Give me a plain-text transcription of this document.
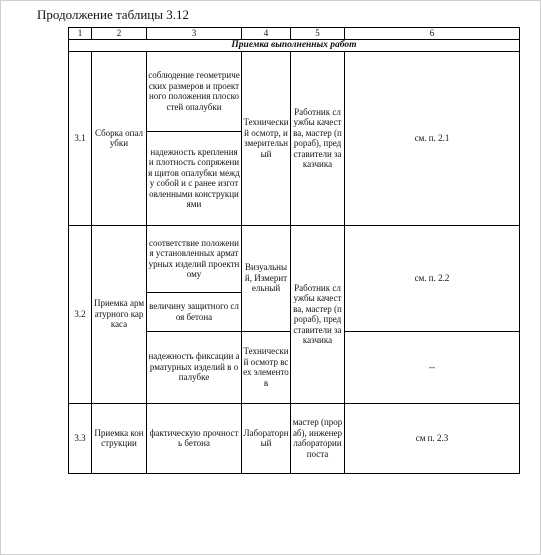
Продолжение таблицы 3.12
1	2	3	4	5	6
Приемка выполненных работ					
3.1	Сборка опалубки	соблюдение геометрических размеров и проектного положения плоскостей опалубки	Технический осмотр, измерительный	Работник службы качества, мастер (прораб), представители заказчика	см. п. 2.1
		надежность крепления и плотность сопряжения щитов опалубки между собой и с ранее изготовленными конструкциями			
3.2	Приемка арматурного каркаса	соответствие положения установленных арматурных изделий проектному	Визуальный, Измерительный	Работник службы качества, мастер (прораб), представители заказчика	см. п. 2.2
		величину защитного слоя бетона			
		надежность фиксации арматурных изделий в опалубке	Технический осмотр всех элементов		--
3.3	Приемка конструкции	фактическую прочность бетона	Лабораторный	мастер (прораб), инженер лаборатории поста	см п. 2.3
